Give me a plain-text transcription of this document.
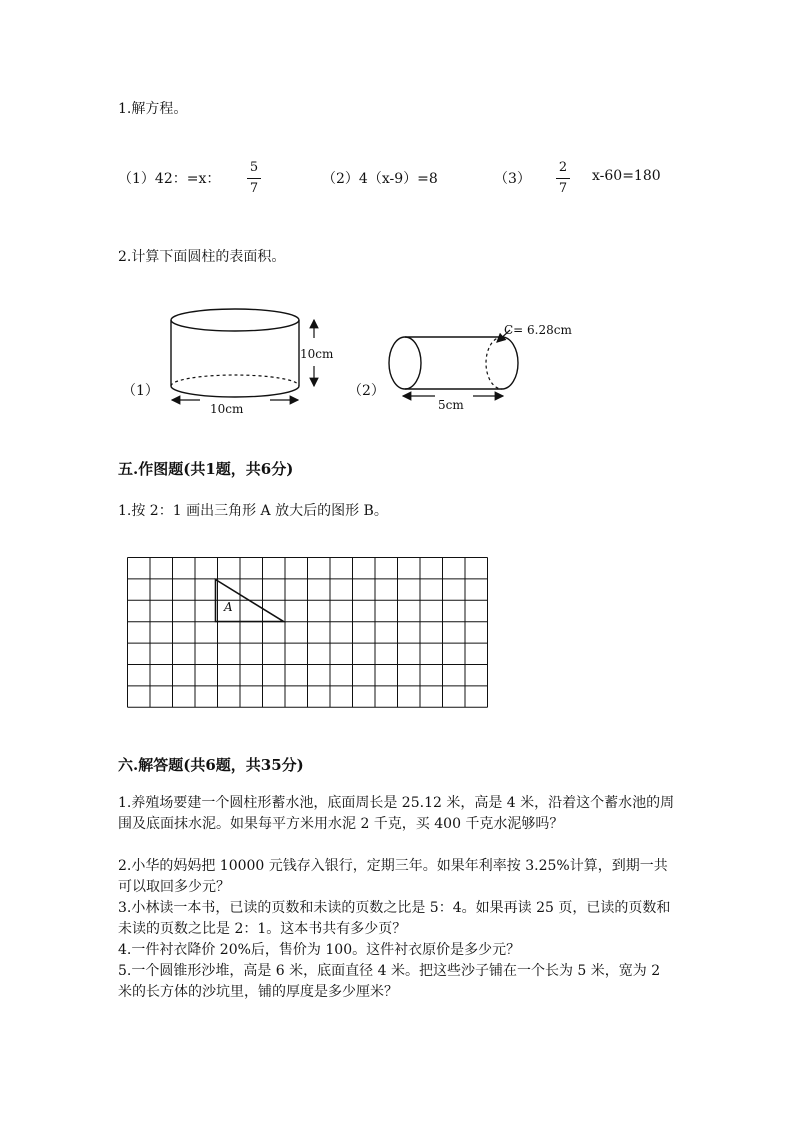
1.解方程。
（1）42：=x：
5
7
（2）4（x-9）=8	（3）
2
7
x-60=180
2.计算下面圆柱的表面积。
（1）
10cm
10cm
（2）
C= 6.28cm
5cm
五.作图题(共1题，共6分)
1.按 2：1 画出三角形 A 放大后的图形 B。
A
六.解答题(共6题，共35分)
1.养殖场要建一个圆柱形蓄水池，底面周长是 25.12 米，高是 4 米，沿着这个蓄水池的周围及底面抹水泥。如果每平方米用水泥 2 千克，买 400 千克水泥够吗？
2.小华的妈妈把 10000 元钱存入银行，定期三年。如果年利率按 3.25%计算，到期一共可以取回多少元？
3.小林读一本书，已读的页数和未读的页数之比是 5：4。如果再读 25 页，已读的页数和未读的页数之比是 2：1。这本书共有多少页？
4.一件衬衣降价 20%后，售价为 100。这件衬衣原价是多少元？
5.一个圆锥形沙堆，高是 6 米，底面直径 4 米。把这些沙子铺在一个长为 5 米，宽为 2 米的长方体的沙坑里，铺的厚度是多少厘米？
